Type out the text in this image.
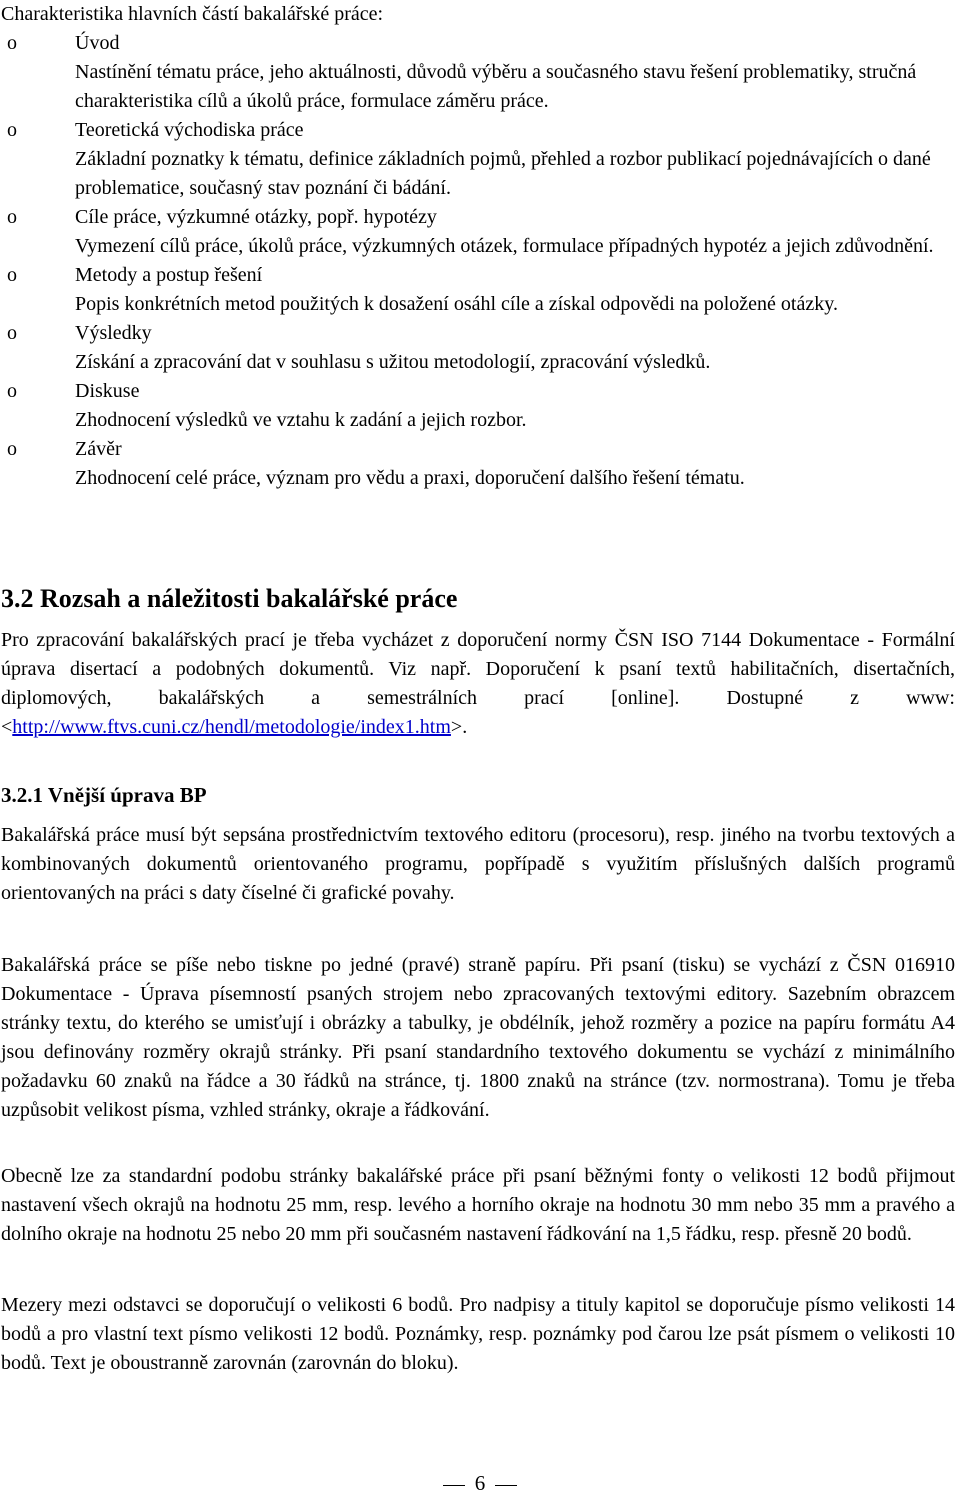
Charakteristika hlavních částí bakalářské práce:

o	Úvod
Nastínění tématu práce, jeho aktuálnosti, důvodů výběru a současného stavu řešení problematiky, stručná charakteristika cílů a úkolů práce, formulace záměru práce.
o	Teoretická východiska práce
Základní poznatky k tématu, definice základních pojmů, přehled a rozbor publikací pojednávajících o dané problematice, současný stav poznání či bádání.
o	Cíle práce, výzkumné otázky, popř. hypotézy
Vymezení cílů práce, úkolů práce, výzkumných otázek, formulace případných hypotéz a jejich zdůvodnění.
o	Metody a postup řešení
Popis konkrétních metod použitých k dosažení osáhl cíle a získal odpovědi na položené otázky.
o	Výsledky
Získání a zpracování dat v souhlasu s užitou metodologií, zpracování výsledků.
o	Diskuse
Zhodnocení výsledků ve vztahu k zadání a jejich rozbor.
o	Závěr
Zhodnocení celé práce, význam pro vědu a praxi, doporučení dalšího řešení tématu.
3.2 Rozsah a náležitosti bakalářské práce

Pro zpracování bakalářských prací je třeba vycházet z doporučení normy ČSN ISO 7144 Dokumentace - Formální úprava disertací a podobných dokumentů. Viz např. Doporučení k psaní textů habilitačních, disertačních, diplomových, bakalářských a semestrálních prací [online]. Dostupné z www: <http://www.ftvs.cuni.cz/hendl/metodologie/index1.htm>.

3.2.1 Vnější úprava BP

Bakalářská práce musí být sepsána prostřednictvím textového editoru (procesoru), resp. jiného na tvorbu textových a kombinovaných dokumentů orientovaného programu, popřípadě s využitím příslušných dalších programů orientovaných na práci s daty číselné či grafické povahy.

Bakalářská práce se píše nebo tiskne po jedné (pravé) straně papíru. Při psaní (tisku) se vychází z ČSN 016910 Dokumentace - Úprava písemností psaných strojem nebo zpracovaných textovými editory. Sazebním obrazcem stránky textu, do kterého se umisťují i obrázky a tabulky, je obdélník, jehož rozměry a pozice na papíru formátu A4 jsou definovány rozměry okrajů stránky. Při psaní standardního textového dokumentu se vychází z minimálního požadavku 60 znaků na řádce a 30 řádků na stránce, tj. 1800 znaků na stránce (tzv. normostrana). Tomu je třeba uzpůsobit velikost písma, vzhled stránky, okraje a řádkování.

Obecně lze za standardní podobu stránky bakalářské práce při psaní běžnými fonty o velikosti 12 bodů přijmout nastavení všech okrajů na hodnotu 25 mm, resp. levého a horního okraje na hodnotu 30 mm nebo 35 mm a pravého a dolního okraje na hodnotu 25 nebo 20 mm při současném nastavení řádkování na 1,5 řádku, resp. přesně 20 bodů.

Mezery mezi odstavci se doporučují o velikosti 6 bodů. Pro nadpisy a tituly kapitol se doporučuje písmo velikosti 14 bodů a pro vlastní text písmo velikosti 12 bodů. Poznámky, resp. poznámky pod čarou lze psát písmem o velikosti 10 bodů. Text je oboustranně zarovnán (zarovnán do bloku).

6
